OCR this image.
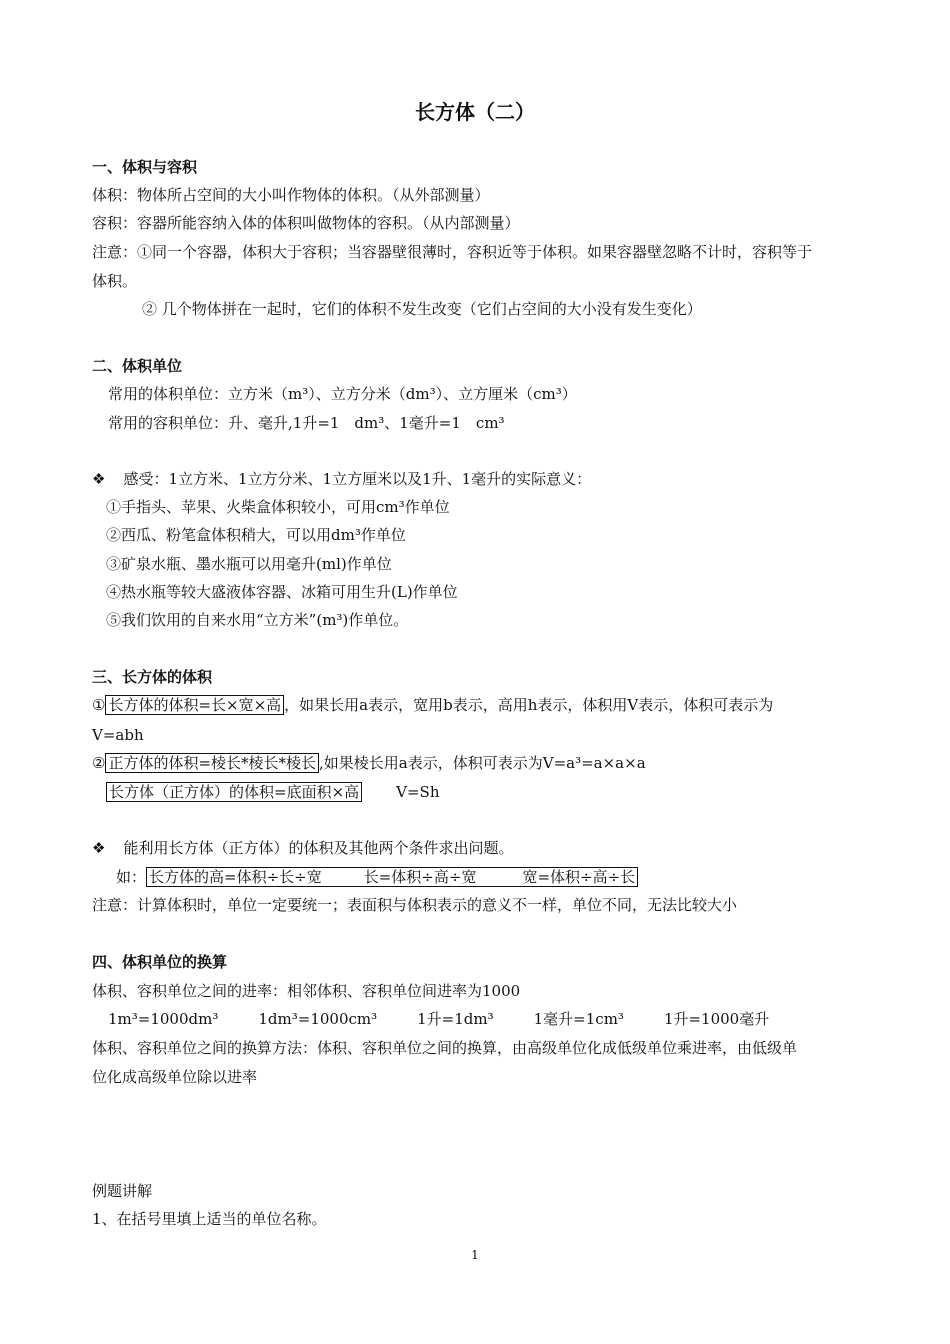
长方体（二）
一、体积与容积
体积：物体所占空间的大小叫作物体的体积。（从外部测量）
容积：容器所能容纳入体的体积叫做物体的容积。（从内部测量）
注意：①同一个容器，体积大于容积；当容器壁很薄时，容积近等于体积。如果容器壁忽略不计时，容积等于
体积。
② 几个物体拼在一起时，它们的体积不发生改变（它们占空间的大小没有发生变化）
二、体积单位
常用的体积单位：立方米（m³）、立方分米（dm³）、立方厘米（cm³）
常用的容积单位：升、毫升,1升=1　dm³、1毫升=1　cm³
❖ 感受：1立方米、1立方分米、1立方厘米以及1升、1毫升的实际意义：
①手指头、苹果、火柴盒体积较小，可用cm³作单位
②西瓜、粉笔盒体积稍大，可以用dm³作单位
③矿泉水瓶、墨水瓶可以用毫升(ml)作单位
④热水瓶等较大盛液体容器、冰箱可用生升(L)作单位
⑤我们饮用的自来水用“立方米”(m³)作单位。
三、长方体的体积
① 长方体的体积=长×宽×高 ，如果长用a表示，宽用b表示，高用h表示，体积用V表示，体积可表示为
V=abh
② 正方体的体积=棱长*棱长*棱长 ,如果棱长用a表示，体积可表示为V=a³=a×a×a
长方体（正方体）的体积=底面积×高 V=Sh
❖ 能利用长方体（正方体）的体积及其他两个条件求出问题。
如： 长方体的高=体积÷长÷宽	长=体积÷高÷宽	宽=体积÷高÷长
注意：计算体积时，单位一定要统一；表面积与体积表示的意义不一样，单位不同，无法比较大小
四、体积单位的换算
体积、容积单位之间的进率：相邻体积、容积单位间进率为1000
1m³=1000dm³	1dm³=1000cm³	1升=1dm³	1毫升=1cm³	1升=1000毫升
体积、容积单位之间的换算方法：体积、容积单位之间的换算，由高级单位化成低级单位乘进率，由低级单
位化成高级单位除以进率
例题讲解
1、在括号里填上适当的单位名称。
1
